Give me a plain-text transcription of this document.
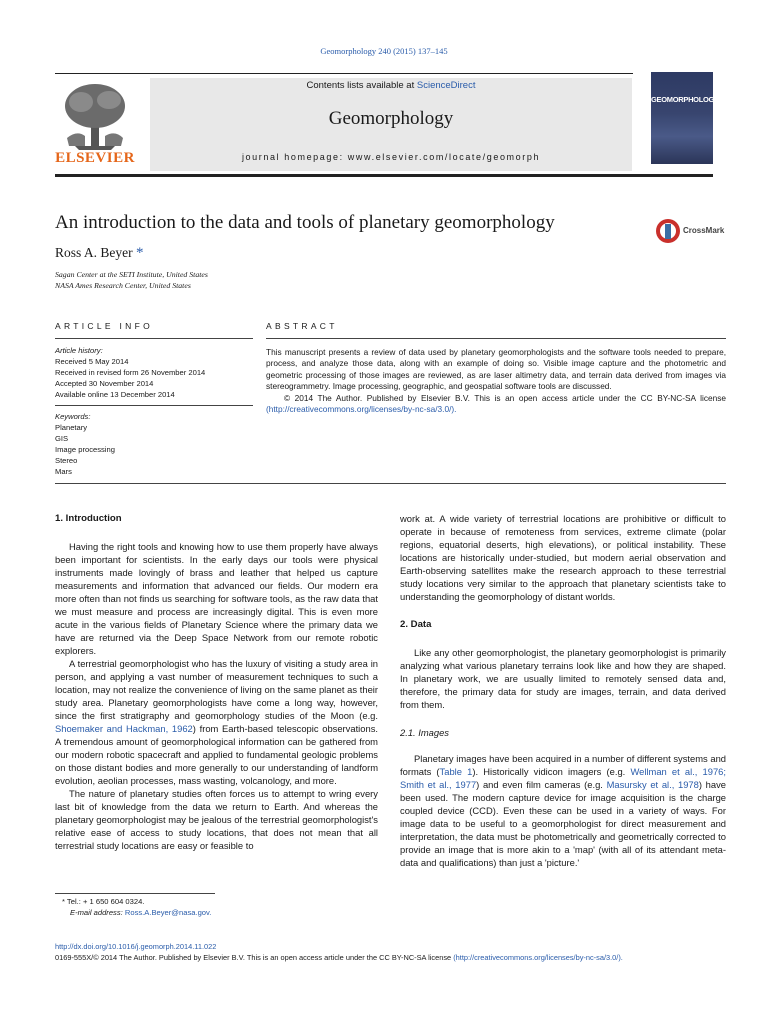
Geomorphology 240 (2015) 137–145
ELSEVIER
Contents lists available at ScienceDirect
Geomorphology
journal homepage: www.elsevier.com/locate/geomorph
GEOMORPHOLOGY
An introduction to the data and tools of planetary geomorphology	CrossMark
Ross A. Beyer *
Sagan Center at the SETI Institute, United States
NASA Ames Research Center, United States
ARTICLE INFO
Article history:
Received 5 May 2014
Received in revised form 26 November 2014
Accepted 30 November 2014
Available online 13 December 2014
Keywords:
Planetary
GIS
Image processing
Stereo
Mars
ABSTRACT

This manuscript presents a review of data used by planetary geomorphologists and the software tools needed to prepare, process, and analyze those data, along with an example of doing so. Visible image capture and the photometric and geometric processing of those images are reviewed, as are laser altimetry data, and terrain data derived from images via stereogrammetry. Image processing, geographic, and geospatial software tools are discussed.

© 2014 The Author. Published by Elsevier B.V. This is an open access article under the CC BY-NC-SA license (http://creativecommons.org/licenses/by-nc-sa/3.0/).

1. Introduction

Having the right tools and knowing how to use them properly have always been important for scientists. In the early days our tools were physical instruments made lovingly of brass and leather that helped us capture measurements and information that advanced our fields. Our modern era more often than not finds us searching for software tools, as the raw data that we must measure and process are increasingly digital. This is even more acute in the various fields of Planetary Science where the primary data we have are returned via the Deep Space Network from our remote robotic explorers.

A terrestrial geomorphologist who has the luxury of visiting a study area in person, and applying a vast number of measurement techniques to such a location, may not realize the convenience of living on the same planet as their study area. Planetary geomorphologists have come a long way, however, since the first stratigraphy and geomorphology studies of the Moon (e.g. Shoemaker and Hackman, 1962) from Earth-based telescopic observations. A tremendous amount of geomorphological information can be gathered from our modern robotic spacecraft and applied to fundamental geologic problems on those distant bodies and more generally to our understanding of landform evolution, aeolian processes, mass wasting, volcanology, and more.

The nature of planetary studies often forces us to attempt to wring every last bit of knowledge from the data we return to Earth. And whereas the planetary geomorphologist may be jealous of the terrestrial geomorphologist's relative ease of access to study locations, that does not mean that all terrestrial study locations are easy or feasible to

work at. A wide variety of terrestrial locations are prohibitive or difficult to operate in because of remoteness from services, extreme climate (polar regions, equatorial deserts, high elevations), or political instability. These locations are historically under-studied, but modern aerial observation and Earth-observing satellites make the research approach to these terrestrial study locations very similar to the approach that planetary scientists take to understanding the geomorphology of distant worlds.

2. Data

Like any other geomorphologist, the planetary geomorphologist is primarily analyzing what various planetary terrains look like and how they are shaped. In planetary work, we are usually limited to remotely sensed data and, therefore, the primary data for study are images, terrain, and data derived from them.

2.1. Images

Planetary images have been acquired in a number of different systems and formats (Table 1). Historically vidicon imagers (e.g. Wellman et al., 1976; Smith et al., 1977) and even film cameras (e.g. Masursky et al., 1978) have been used. The modern capture device for image acquisition is the charge coupled device (CCD). Even these can be used in a variety of ways. For image data to be useful to a geomorphologist for direct measurement and interpretation, the data must be photometrically and geometrically corrected to provide an image that is more akin to a 'map' (with all of its attendant meta-data and qualifications) than just a 'picture.'

* Tel.: + 1 650 604 0324.
E-mail address: Ross.A.Beyer@nasa.gov.
http://dx.doi.org/10.1016/j.geomorph.2014.11.022
0169-555X/© 2014 The Author. Published by Elsevier B.V. This is an open access article under the CC BY-NC-SA license (http://creativecommons.org/licenses/by-nc-sa/3.0/).
